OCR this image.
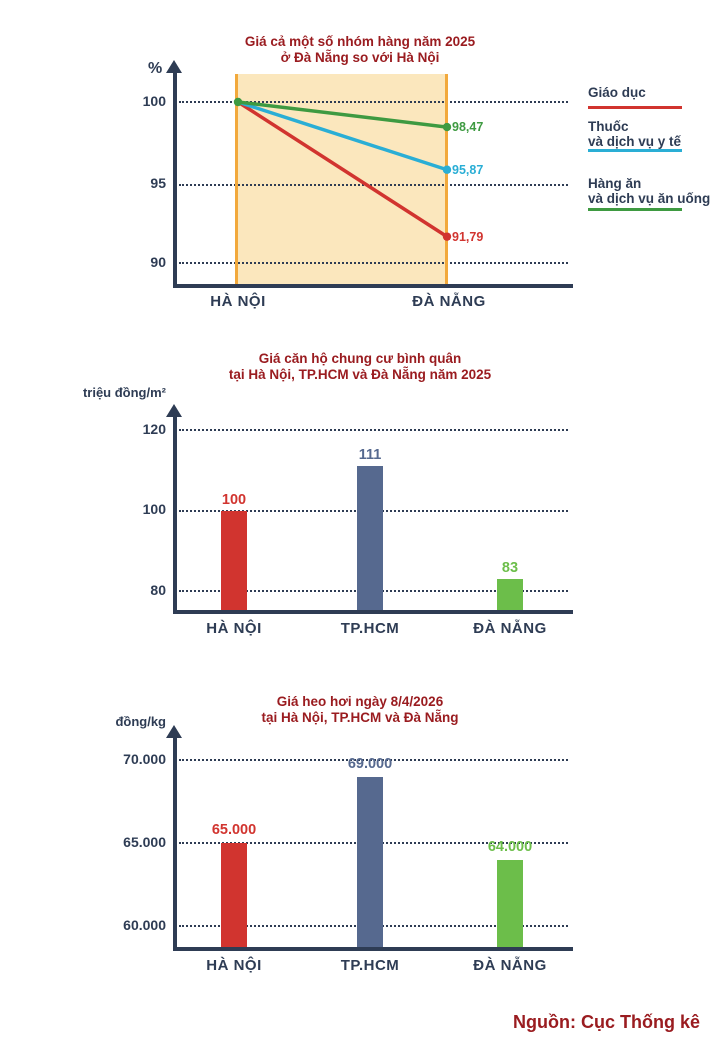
Giá cả một số nhóm hàng năm 2025
ở Đà Nẵng so với Hà Nội
%
100
95
90
HÀ NỘI	ĐÀ NẴNG
91,79
95,87
98,47
Giáo dục
Thuốc
và dịch vụ y tế
Hàng ăn
và dịch vụ ăn uống
Giá căn hộ chung cư bình quân
tại Hà Nội, TP.HCM và Đà Nẵng năm 2025
triệu đồng/m²
120
100
80
HÀ NỘI	TP.HCM	ĐÀ NẴNG
100
111
83
Giá heo hơi ngày 8/4/2026
tại Hà Nội, TP.HCM và Đà Nẵng
đồng/kg
70.000
65.000
60.000
HÀ NỘI	TP.HCM	ĐÀ NẴNG
65.000
69.000
64.000
Nguồn: Cục Thống kê
